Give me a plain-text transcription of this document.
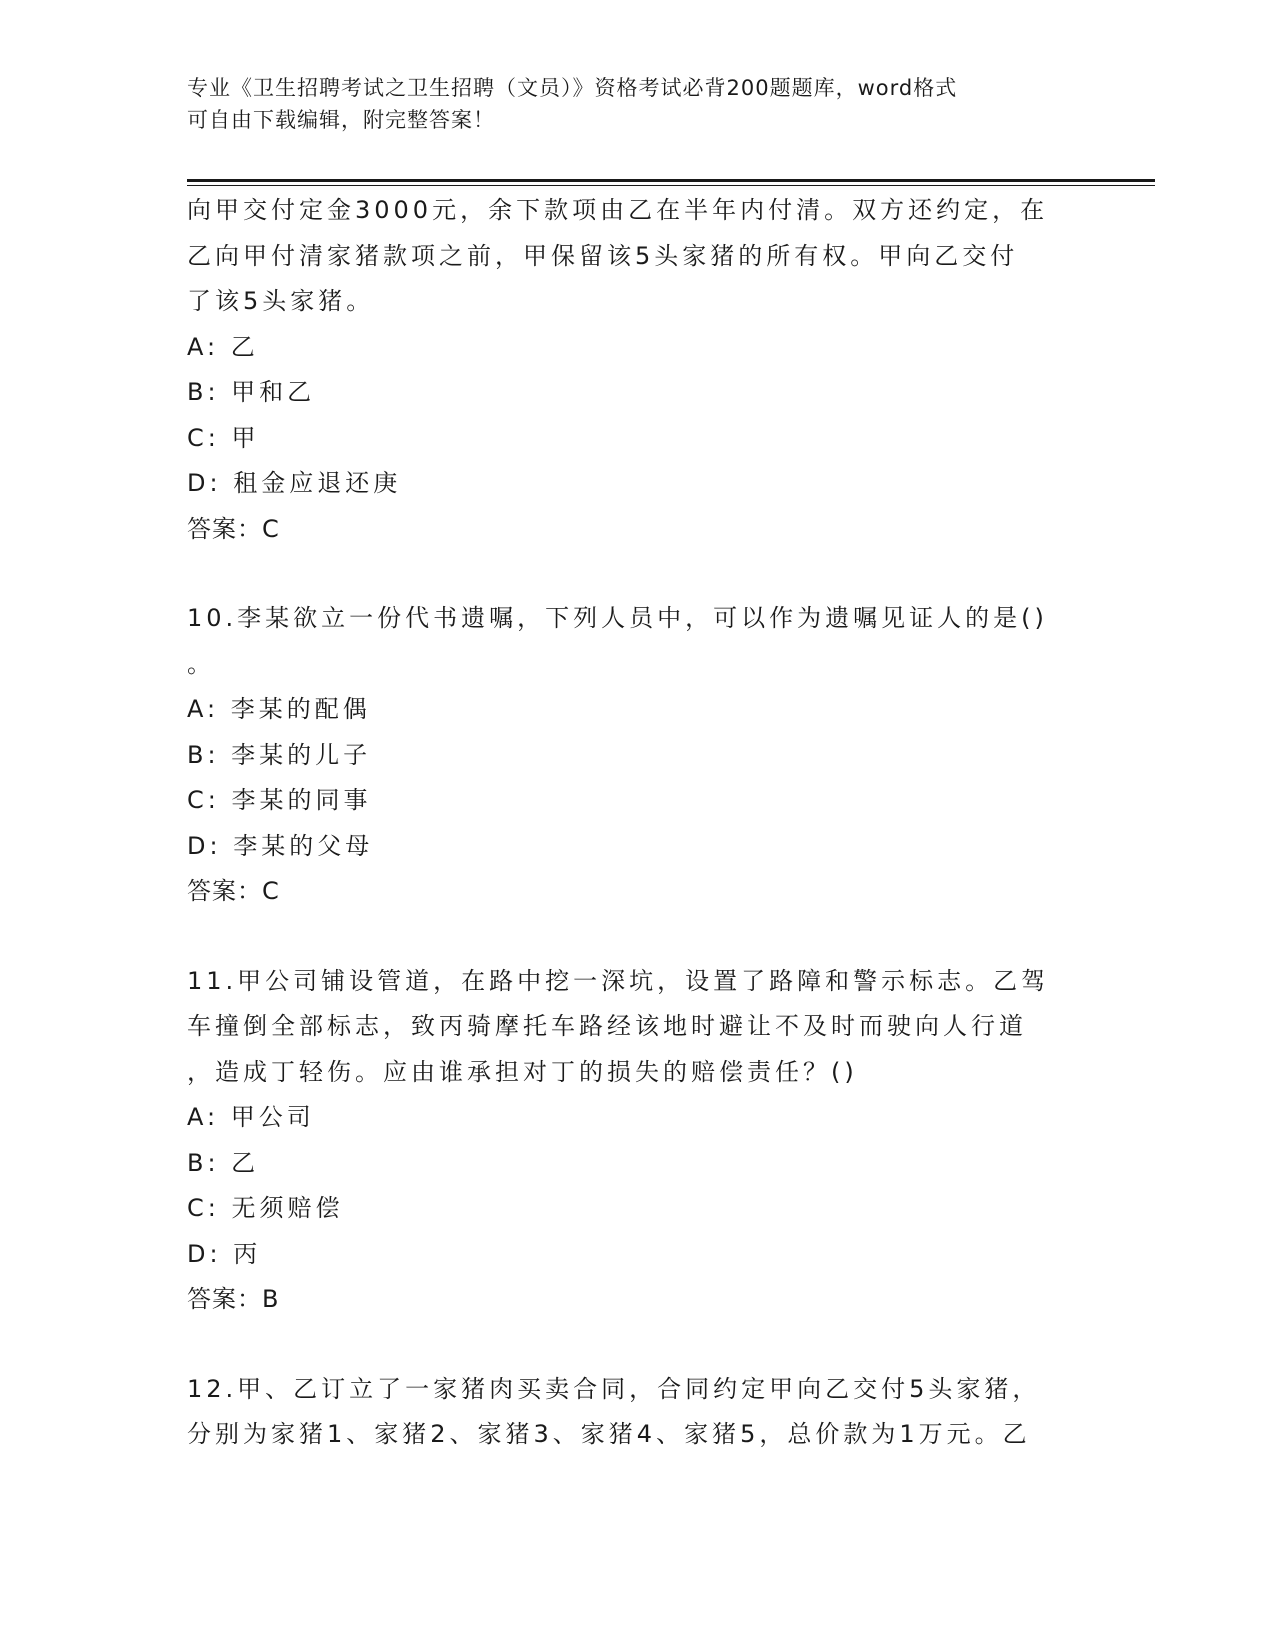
专业《卫生招聘考试之卫生招聘（文员）》资格考试必背200题题库，word格式
可自由下载编辑，附完整答案！
向甲交付定金3000元，余下款项由乙在半年内付清。双方还约定，在
乙向甲付清家猪款项之前，甲保留该5头家猪的所有权。甲向乙交付
了该5头家猪。
A: 乙
B: 甲和乙
C: 甲
D: 租金应退还庚
答案：C
10.李某欲立一份代书遗嘱，下列人员中，可以作为遗嘱见证人的是()
。
A: 李某的配偶
B: 李某的儿子
C: 李某的同事
D: 李某的父母
答案：C
11.甲公司铺设管道，在路中挖一深坑，设置了路障和警示标志。乙驾
车撞倒全部标志，致丙骑摩托车路经该地时避让不及时而驶向人行道
，造成丁轻伤。应由谁承担对丁的损失的赔偿责任？()
A: 甲公司
B: 乙
C: 无须赔偿
D: 丙
答案：B
12.甲、乙订立了一家猪肉买卖合同，合同约定甲向乙交付5头家猪，
分别为家猪1、家猪2、家猪3、家猪4、家猪5，总价款为1万元。乙
